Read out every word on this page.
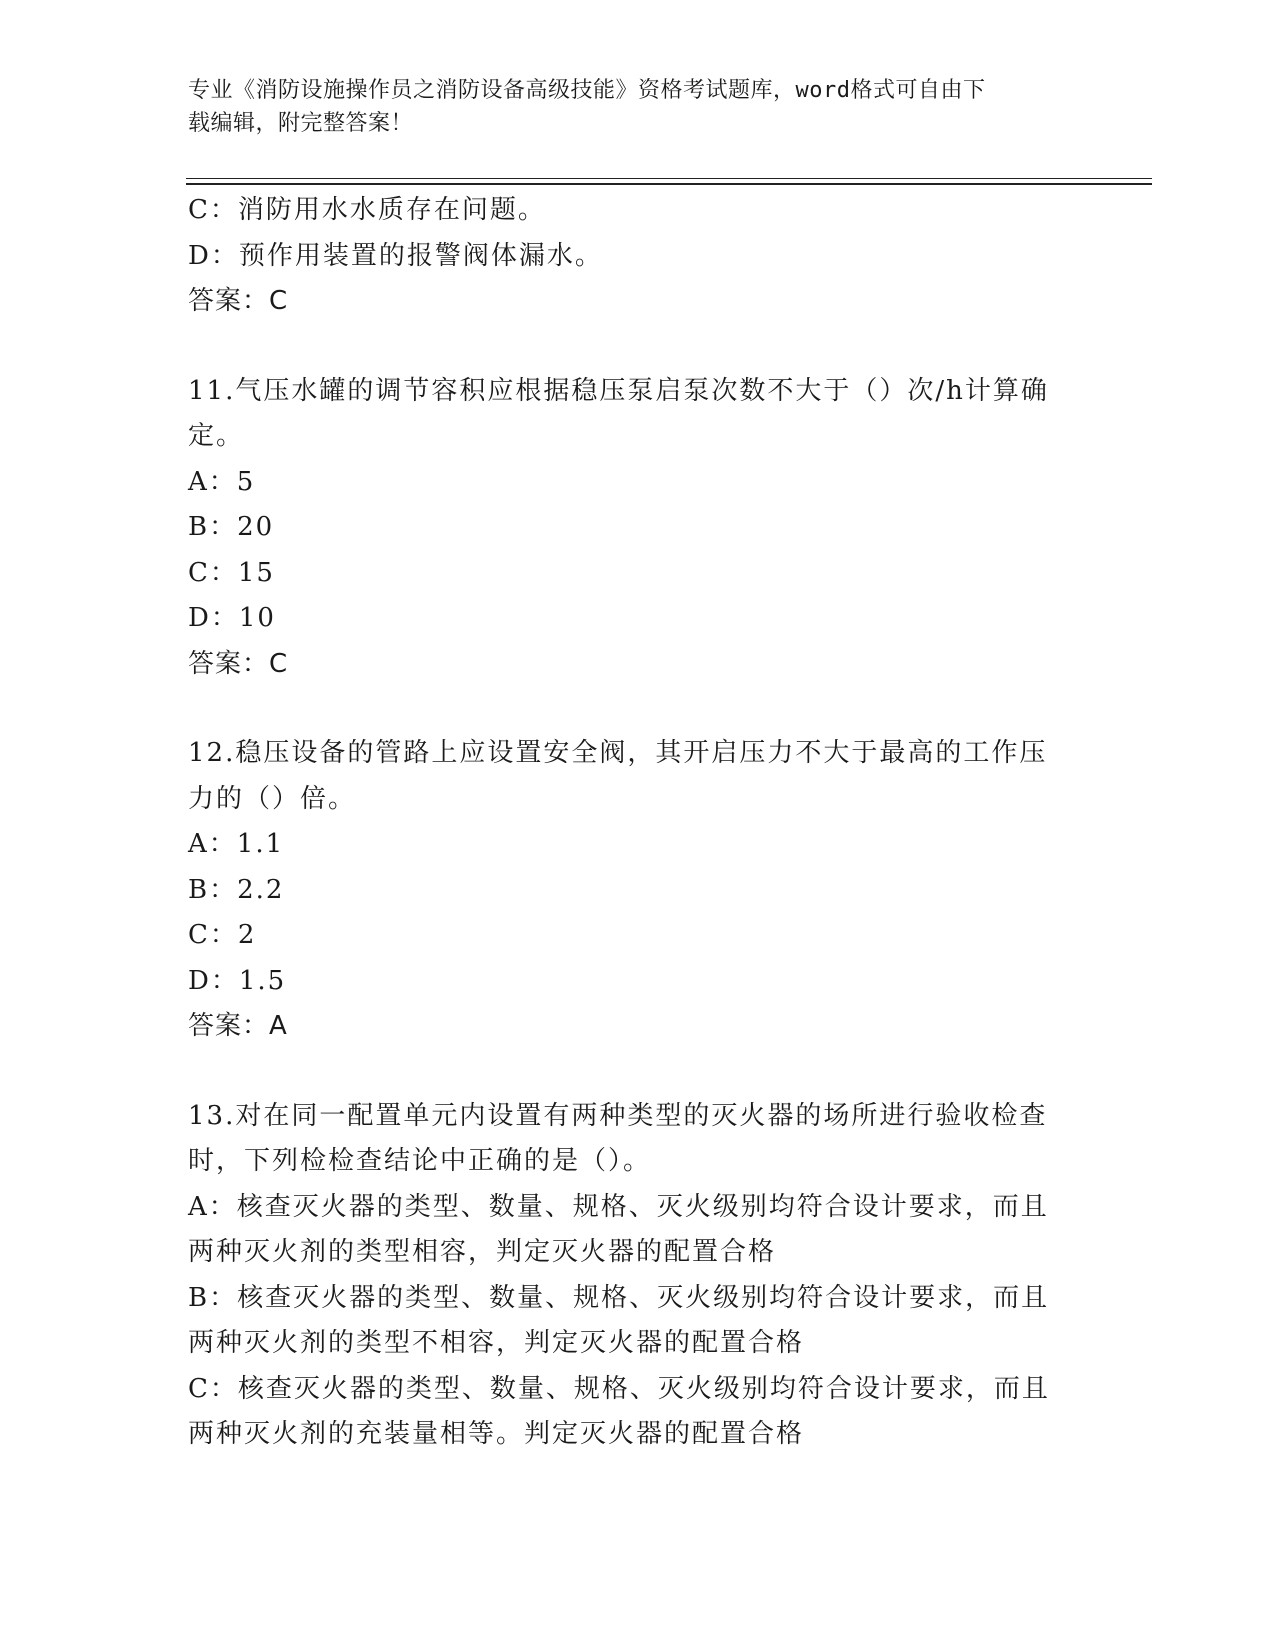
专业《消防设施操作员之消防设备高级技能》资格考试题库，word格式可自由下
载编辑，附完整答案！
C：消防用水水质存在问题。
D：预作用装置的报警阀体漏水。
答案：C
11.气压水罐的调节容积应根据稳压泵启泵次数不大于（）次/h计算确
定。
A：5
B：20
C：15
D：10
答案：C
12.稳压设备的管路上应设置安全阀，其开启压力不大于最高的工作压
力的（）倍。
A：1.1
B：2.2
C：2
D：1.5
答案：A
13.对在同一配置单元内设置有两种类型的灭火器的场所进行验收检查
时，下列检检查结论中正确的是（）。
A：核查灭火器的类型、数量、规格、灭火级别均符合设计要求，而且
两种灭火剂的类型相容，判定灭火器的配置合格
B：核查灭火器的类型、数量、规格、灭火级别均符合设计要求，而且
两种灭火剂的类型不相容，判定灭火器的配置合格
C：核查灭火器的类型、数量、规格、灭火级别均符合设计要求，而且
两种灭火剂的充装量相等。判定灭火器的配置合格
